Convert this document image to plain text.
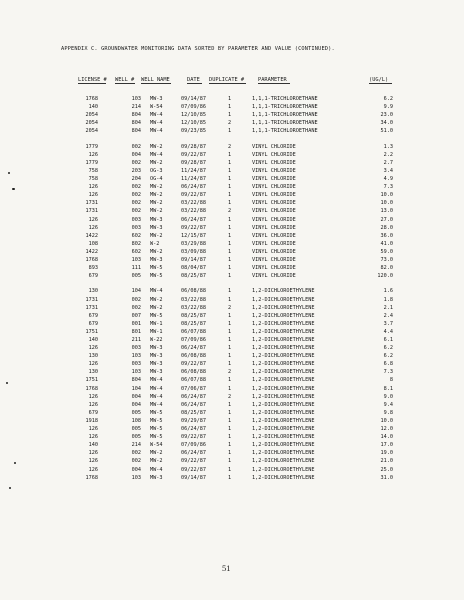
APPENDIX C. GROUNDWATER MONITORING DATA SORTED BY PARAMETER AND VALUE (CONTINUED).
LICENSE # WELL # WELL NAME	DATE DUPLICATE #	PARAMETER	(UG/L)
1768	103 MW-3	09/14/87	1	1,1,1-TRICHLOROETHANE	6.2
140	214 W-54	07/09/86	1	1,1,1-TRICHLOROETHANE	9.9
2054	804 MW-4	12/10/85	1	1,1,1-TRICHLOROETHANE	23.0
2054	804 MW-4	12/10/85	2	1,1,1-TRICHLOROETHANE	34.0
2054	804 MW-4	09/23/85	1	1,1,1-TRICHLOROETHANE	51.0
1779	002 MW-2	09/28/87	2	VINYL CHLORIDE	1.3
126	004 MW-4	09/22/87	1	VINYL CHLORIDE	2.2
1779	002 MW-2	09/28/87	1	VINYL CHLORIDE	2.7
758	203 OG-3	11/24/87	1	VINYL CHLORIDE	3.4
758	204 OG-4	11/24/87	1	VINYL CHLORIDE	4.9
126	002 MW-2	06/24/87	1	VINYL CHLORIDE	7.3
126	002 MW-2	09/22/87	1	VINYL CHLORIDE	10.0
1731	002 MW-2	03/22/88	1	VINYL CHLORIDE	10.0
1731	002 MW-2	03/22/88	2	VINYL CHLORIDE	13.0
126	003 MW-3	06/24/87	1	VINYL CHLORIDE	27.0
126	003 MW-3	09/22/87	1	VINYL CHLORIDE	28.0
1422	602 MW-2	12/15/87	1	VINYL CHLORIDE	36.0
108	802 W-2	03/29/88	1	VINYL CHLORIDE	41.0
1422	602 MW-2	03/09/88	1	VINYL CHLORIDE	59.0
1768	103 MW-3	09/14/87	1	VINYL CHLORIDE	73.0
893	111 MW-5	08/04/87	1	VINYL CHLORIDE	82.0
679	005 MW-5	08/25/87	1	VINYL CHLORIDE	120.0
130	104 MW-4	06/08/88	1	1,2-DICHLOROETHYLENE	1.6
1731	002 MW-2	03/22/88	1	1,2-DICHLOROETHYLENE	1.8
1731	002 MW-2	03/22/88	2	1,2-DICHLOROETHYLENE	2.1
679	007 MW-5	08/25/87	1	1,2-DICHLOROETHYLENE	2.4
679	001 MW-1	08/25/87	1	1,2-DICHLOROETHYLENE	3.7
1751	801 MW-1	06/07/88	1	1,2-DICHLOROETHYLENE	4.4
140	211 W-22	07/09/86	1	1,2-DICHLOROETHYLENE	6.1
126	003 MW-3	06/24/87	1	1,2-DICHLOROETHYLENE	6.2
130	103 MW-3	06/08/88	1	1,2-DICHLOROETHYLENE	6.2
126	003 MW-3	09/22/87	1	1,2-DICHLOROETHYLENE	6.8
130	103 MW-3	06/08/88	2	1,2-DICHLOROETHYLENE	7.3
1751	804 MW-4	06/07/88	1	1,2-DICHLOROETHYLENE	8
1768	104 MW-4	07/06/87	1	1,2-DICHLOROETHYLENE	8.1
126	004 MW-4	06/24/87	2	1,2-DICHLOROETHYLENE	9.0
126	004 MW-4	06/24/87	1	1,2-DICHLOROETHYLENE	9.4
679	005 MW-5	08/25/87	1	1,2-DICHLOROETHYLENE	9.8
1918	108 MW-5	09/29/87	1	1,2-DICHLOROETHYLENE	10.0
126	005 MW-5	06/24/87	1	1,2-DICHLOROETHYLENE	12.0
126	005 MW-5	09/22/87	1	1,2-DICHLOROETHYLENE	14.0
140	214 W-54	07/09/86	1	1,2-DICHLOROETHYLENE	17.0
126	002 MW-2	06/24/87	1	1,2-DICHLOROETHYLENE	19.0
126	002 MW-2	09/22/87	1	1,2-DICHLOROETHYLENE	21.0
126	004 MW-4	09/22/87	1	1,2-DICHLOROETHYLENE	25.0
1768	103 MW-3	09/14/87	1	1,2-DICHLOROETHYLENE	31.0
51
